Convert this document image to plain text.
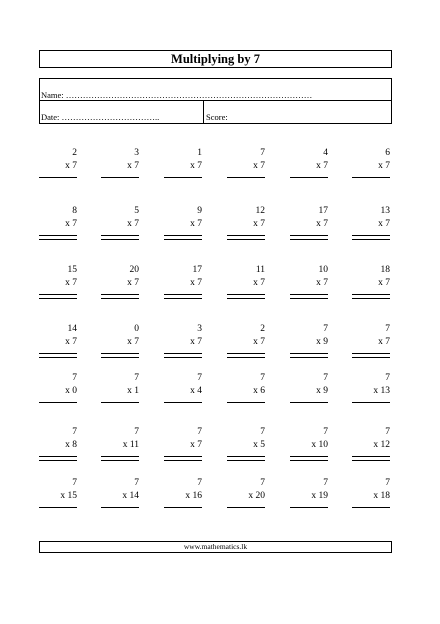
Multiplying by 7
Name: ……………………………………………………………………………
Date: ……………………………..	Score:
2
x 7
3
x 7
1
x 7
7
x 7
4
x 7
6
x 7
8
x 7
5
x 7
9
x 7
12
x 7
17
x 7
13
x 7
15
x 7
20
x 7
17
x 7
11
x 7
10
x 7
18
x 7
14
x 7
0
x 7
3
x 7
2
x 7
7
x 9
7
x 7
7
x 0
7
x 1
7
x 4
7
x 6
7
x 9
7
x 13
7
x 8
7
x 11
7
x 7
7
x 5
7
x 10
7
x 12
7
x 15
7
x 14
7
x 16
7
x 20
7
x 19
7
x 18
www.mathematics.lk
